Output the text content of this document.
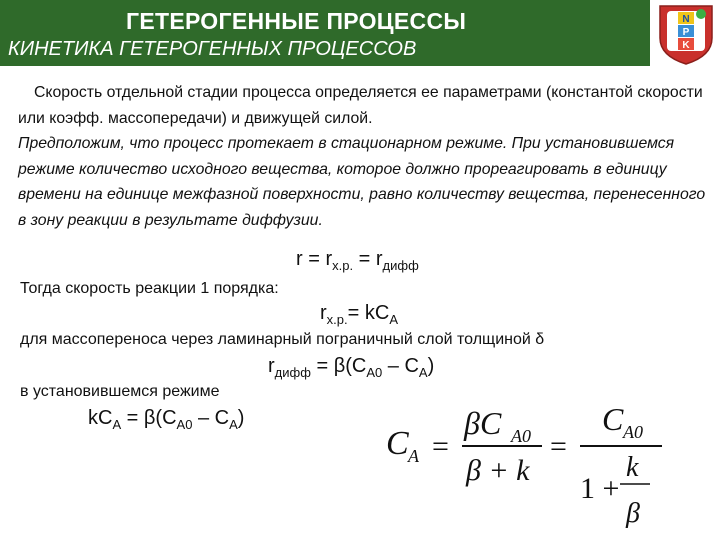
ГЕТЕРОГЕННЫЕ ПРОЦЕССЫ
КИНЕТИКА ГЕТЕРОГЕННЫХ ПРОЦЕССОВ
N
P
K
Скорость отдельной стадии процесса определяется ее параметрами (константой скорости или коэфф. массопередачи) и движущей силой.
Предположим, что процесс протекает в стационарном режиме. При установившемся режиме количество исходного вещества, которое должно прореагировать в единицу времени на единице межфазной поверхности, равно количеству вещества, перенесенного в зону реакции в результате диффузии.
$r = r_{х.р.} = r_{дифф}$
Тогда скорость реакции 1 порядка:
$r_{х.р.}= kC_A$
для массопереноса через ламинарный пограничный слой толщиной δ
$r_{дифф} = \beta(C_{A0} - C_A)$
в установившемся режиме
$kC_A = \beta(C_{A0} - C_A)$
C A =
βC A0
β + k
=
C A0
1 +
k
β
